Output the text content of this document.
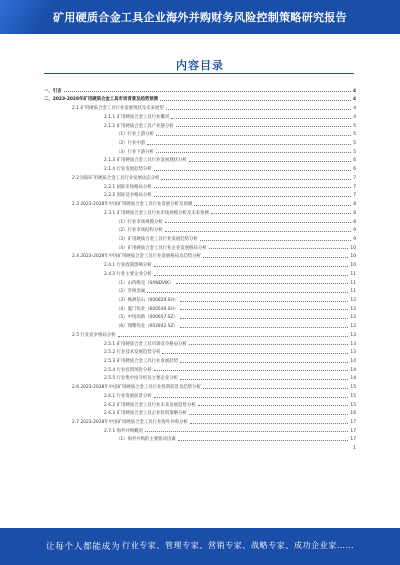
矿用硬质合金工具企业海外并购财务风险控制策略研究报告
内容目录
一、引言	4
二、2023-2028年矿用硬质合金工具市场背景及趋势预测	4
2.1 矿用硬质合金工具行业发展现状及未来展望	4
2.1.1 矿用硬质合金工具行业概况	4
2.1.2 矿用硬质合金工具产业链分析	5
（1）行业上游分析	5
（2）行业中游	5
（3）行业下游分析	5
2.1.3 矿用硬质合金工具行业发展现状分析	6
2.1.4 行业发展趋势分析	6
2.2 国际矿用硬质合金工具行业发展动态分析	7
2.2.1 国际市场格局分析	7
2.2.2 国际竞争格局分析	7
2.3 2023-2028年中国矿用硬质合金工具行业发展分析及预测	8
2.3.1 矿用硬质合金工具行业市场规模分析及未来预测	8
（1）行业市场规模分析	8
（2）行业市场结构分析	9
（3）矿用硬质合金工具行业发展趋势分析	9
（4）矿用硬质合金工具行业企业发展格局分析	10
2.4 2023-2028年中国矿用硬质合金工具行业发展格局及趋势分析	10
2.4.1 行业政策影响分析	10
2.4.2 行业主要企业分析	11
（1）山特维克（SANDVIK）	11
（2）肯纳金属	11
（3）株洲钻石（600829.SH）	12
（4）厦门钨业（600549.SH）	12
（5）中钨高新（000657.SZ）	12
（6）翔鹭钨业（002842.SZ）	12
2.5 行业竞争格局分析	13
2.5.1 矿用硬质合金工具市场竞争格局分析	13
2.5.2 行业技术发展趋势分析	13
2.5.3 矿用硬质合金工具行业发展趋势	14
2.5.4 行业投资风险分析	14
2.5.5 行业集中度分析及主要企业分析	14
2.6 2023-2028年中国矿用硬质合金工具行业投资前景及趋势分析	15
2.6.1 行业发展前景分析	15
2.6.2 矿用硬质合金工具行业未来发展趋势分析	15
2.6.3 矿用硬质合金工具企业投资策略分析	16
2.7 2023-2028年中国矿用硬质合金工具行业海外并购分析	17
2.7.1 海外并购概况	17
（1）海外并购的主要驱动因素	17
1
让每个人都能成为 行业专家、管理专家、营销专家、战略专家、成功企业家……
